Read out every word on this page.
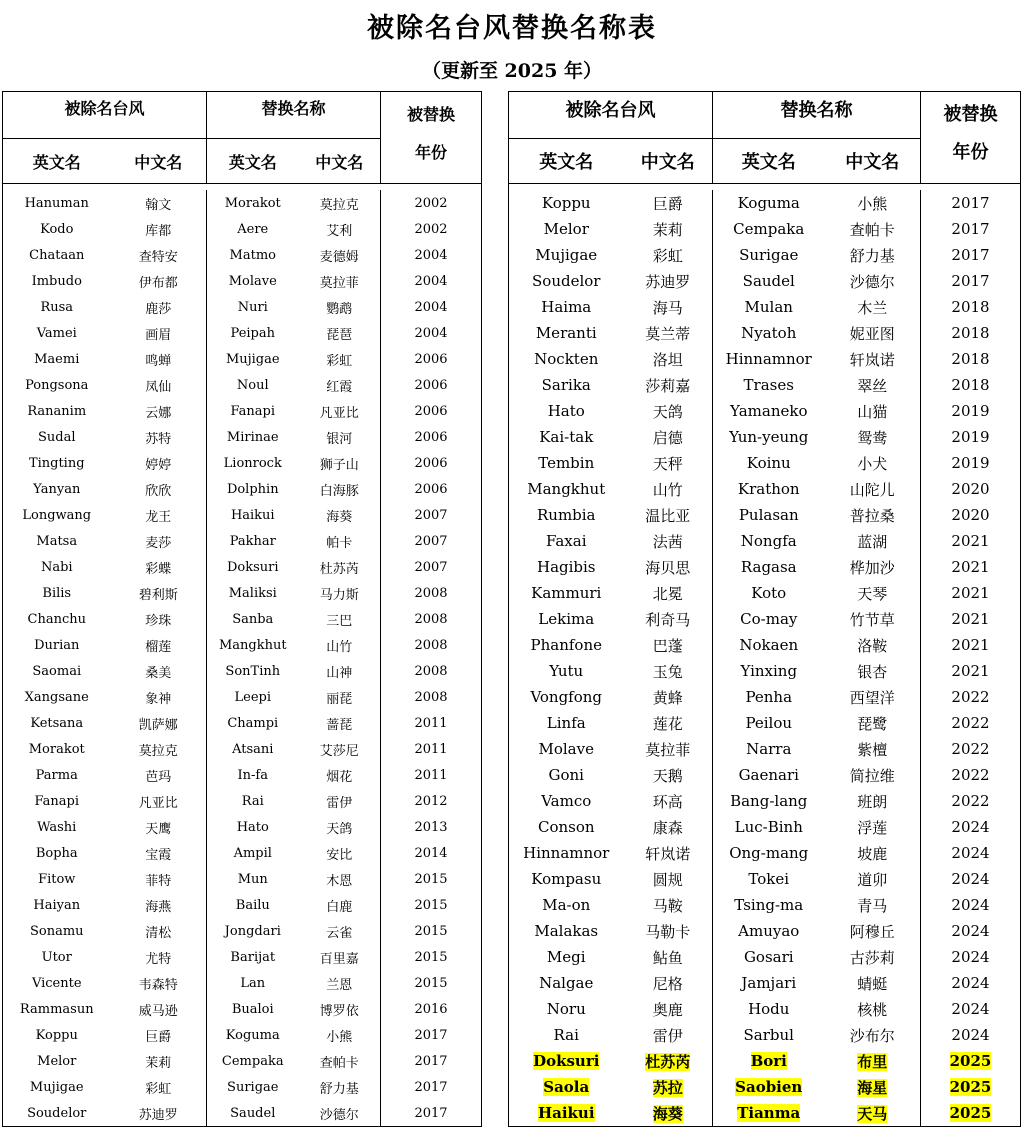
被除名台风替换名称表
（更新至 2025 年）
被除名台风		替换名称		被替换
年份
英文名	中文名	英文名	中文名	

Hanuman	翰文	Morakot	莫拉克	2002
Kodo	库都	Aere	艾利	2002
Chataan	查特安	Matmo	麦德姆	2004
Imbudo	伊布都	Molave	莫拉菲	2004
Rusa	鹿莎	Nuri	鹦鹉	2004
Vamei	画眉	Peipah	琵琶	2004
Maemi	鸣蝉	Mujigae	彩虹	2006
Pongsona	凤仙	Noul	红霞	2006
Rananim	云娜	Fanapi	凡亚比	2006
Sudal	苏特	Mirinae	银河	2006
Tingting	婷婷	Lionrock	狮子山	2006
Yanyan	欣欣	Dolphin	白海豚	2006
Longwang	龙王	Haikui	海葵	2007
Matsa	麦莎	Pakhar	帕卡	2007
Nabi	彩蝶	Doksuri	杜苏芮	2007
Bilis	碧利斯	Maliksi	马力斯	2008
Chanchu	珍珠	Sanba	三巴	2008
Durian	榴莲	Mangkhut	山竹	2008
Saomai	桑美	SonTinh	山神	2008
Xangsane	象神	Leepi	丽琵	2008
Ketsana	凯萨娜	Champi	蔷琵	2011
Morakot	莫拉克	Atsani	艾莎尼	2011
Parma	芭玛	In-fa	烟花	2011
Fanapi	凡亚比	Rai	雷伊	2012
Washi	天鹰	Hato	天鸽	2013
Bopha	宝霞	Ampil	安比	2014
Fitow	菲特	Mun	木恩	2015
Haiyan	海燕	Bailu	白鹿	2015
Sonamu	清松	Jongdari	云雀	2015
Utor	尤特	Barijat	百里嘉	2015
Vicente	韦森特	Lan	兰恩	2015
Rammasun	威马逊	Bualoi	博罗依	2016
Koppu	巨爵	Koguma	小熊	2017
Melor	茉莉	Cempaka	查帕卡	2017
Mujigae	彩虹	Surigae	舒力基	2017
Soudelor	苏迪罗	Saudel	沙德尔	2017
被除名台风		替换名称		被替换
年份
英文名	中文名	英文名	中文名	

Koppu	巨爵	Koguma	小熊	2017
Melor	茉莉	Cempaka	查帕卡	2017
Mujigae	彩虹	Surigae	舒力基	2017
Soudelor	苏迪罗	Saudel	沙德尔	2017
Haima	海马	Mulan	木兰	2018
Meranti	莫兰蒂	Nyatoh	妮亚图	2018
Nockten	洛坦	Hinnamnor	轩岚诺	2018
Sarika	莎莉嘉	Trases	翠丝	2018
Hato	天鸽	Yamaneko	山猫	2019
Kai-tak	启德	Yun-yeung	鸳鸯	2019
Tembin	天秤	Koinu	小犬	2019
Mangkhut	山竹	Krathon	山陀儿	2020
Rumbia	温比亚	Pulasan	普拉桑	2020
Faxai	法茜	Nongfa	蓝湖	2021
Hagibis	海贝思	Ragasa	桦加沙	2021
Kammuri	北冕	Koto	天琴	2021
Lekima	利奇马	Co-may	竹节草	2021
Phanfone	巴蓬	Nokaen	洛鞍	2021
Yutu	玉兔	Yinxing	银杏	2021
Vongfong	黄蜂	Penha	西望洋	2022
Linfa	莲花	Peilou	琵鹭	2022
Molave	莫拉菲	Narra	紫檀	2022
Goni	天鹅	Gaenari	简拉维	2022
Vamco	环高	Bang-lang	班朗	2022
Conson	康森	Luc-Binh	浮莲	2024
Hinnamnor	轩岚诺	Ong-mang	坡鹿	2024
Kompasu	圆规	Tokei	道卯	2024
Ma-on	马鞍	Tsing-ma	青马	2024
Malakas	马勒卡	Amuyao	阿穆丘	2024
Megi	鲇鱼	Gosari	古莎莉	2024
Nalgae	尼格	Jamjari	蜻蜓	2024
Noru	奥鹿	Hodu	核桃	2024
Rai	雷伊	Sarbul	沙布尔	2024
Doksuri	杜苏芮	Bori	布里	2025
Saola	苏拉	Saobien	海星	2025
Haikui	海葵	Tianma	天马	2025
